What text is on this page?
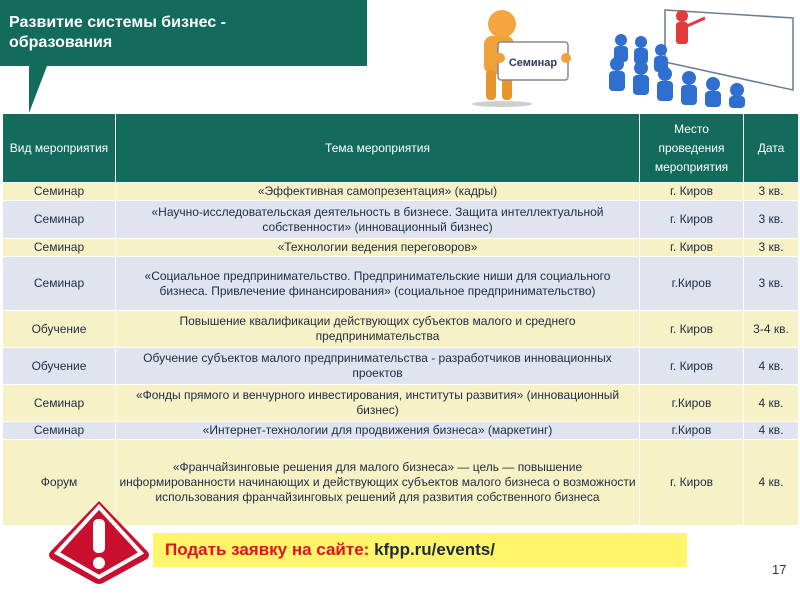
Развитие системы бизнес -
образования
Семинар
Вид мероприятия	Тема мероприятия	Место проведения мероприятия	Дата
Семинар	«Эффективная самопрезентация» (кадры)	г. Киров	3 кв.
Семинар	«Научно-исследовательская деятельность в бизнесе. Защита интеллектуальной собственности» (инновационный бизнес)	г. Киров	3 кв.
Семинар	«Технологии ведения переговоров»	г. Киров	3 кв.
Семинар	«Социальное предпринимательство. Предпринимательские ниши для социального бизнеса. Привлечение финансирования» (социальное предпринимательство)	г.Киров	3 кв.
Обучение	Повышение квалификации действующих субъектов малого и среднего предпринимательства	г. Киров	3-4 кв.
Обучение	Обучение субъектов малого предпринимательства - разработчиков инновационных проектов	г. Киров	4 кв.
Семинар	«Фонды прямого и венчурного инвестирования, институты развития» (инновационный бизнес)	г.Киров	4 кв.
Семинар	«Интернет-технологии для продвижения бизнеса» (маркетинг)	г.Киров	4 кв.
Форум	«Франчайзинговые решения для малого бизнеса» — цель — повышение информированности начинающих и действующих субъектов малого бизнеса о возможности использования франчайзинговых решений для развития собственного бизнеса	г. Киров	4 кв.
Подать заявку на сайте: kfpp.ru/events/
17
